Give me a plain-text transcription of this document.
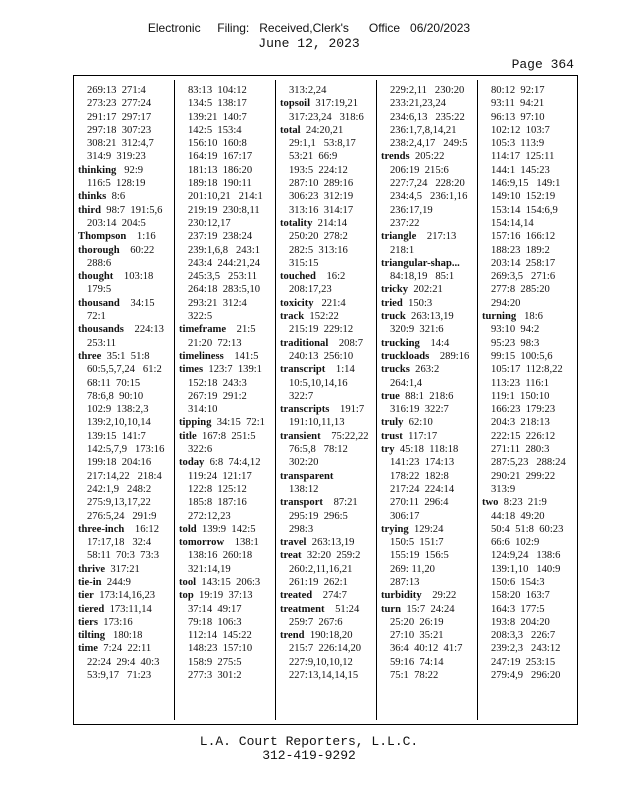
Electronic     Filing:   Received,Clerk's      Office   06/20/2023
June 12, 2023
Page 364
269:13  271:4
273:23  277:24
291:17  297:17
297:18  307:23
308:21  312:4,7
314:9  319:23
thinking   92:9
116:5  128:19
thinks  8:6
third  98:7  191:5,6
203:14  204:5
Thompson    1:16
thorough    60:22
288:6
thought    103:18
179:5
thousand    34:15
72:1
thousands    224:13
253:11
three  35:1  51:8
60:5,5,7,24   61:2
68:11  70:15
78:6,8  90:10
102:9  138:2,3
139:2,10,10,14
139:15  141:7
142:5,7,9   173:16
199:18  204:16
217:14,22   218:4
242:1,9   248:2
275:9,13,17,22
276:5,24   291:9
three-inch    16:12
17:17,18   32:4
58:11  70:3  73:3
thrive  317:21
tie-in  244:9
tier  173:14,16,23
tiered  173:11,14
tiers  173:16
tilting   180:18
time  7:24  22:11
22:24  29:4  40:3
53:9,17   71:23
83:13  104:12
134:5  138:17
139:21  140:7
142:5  153:4
156:10  160:8
164:19  167:17
181:13  186:20
189:18  190:11
201:10,21   214:1
219:19  230:8,11
230:12,17
237:19  238:24
239:1,6,8   243:1
243:4  244:21,24
245:3,5   253:11
264:18  283:5,10
293:21  312:4
322:5
timeframe    21:5
21:20  72:13
timeliness    141:5
times  123:7  139:1
152:18  243:3
267:19  291:2
314:10
tipping  34:15  72:1
title  167:8  251:5
322:6
today  6:8  74:4,12
119:24  121:17
122:8  125:12
185:8  187:16
272:12,23
told  139:9  142:5
tomorrow    138:1
138:16  260:18
321:14,19
tool  143:15  206:3
top  19:19  37:13
37:14  49:17
79:18  106:3
112:14  145:22
148:23  157:10
158:9  275:5
277:3  301:2
313:2,24
topsoil  317:19,21
317:23,24   318:6
total  24:20,21
29:1,1   53:8,17
53:21  66:9
193:5  224:12
287:10  289:16
306:23  312:19
313:16  314:17
totality  214:14
250:20  278:2
282:5  313:16
315:15
touched    16:2
208:17,23
toxicity   221:4
track  152:22
215:19  229:12
traditional    208:7
240:13  256:10
transcript    1:14
10:5,10,14,16
322:7
transcripts    191:7
191:10,11,13
transient    75:22,22
76:5,8   78:12
302:20
transparent
138:12
transport    87:21
295:19  296:5
298:3
travel  263:13,19
treat  32:20  259:2
260:2,11,16,21
261:19  262:1
treated    274:7
treatment    51:24
259:7  267:6
trend  190:18,20
215:7  226:14,20
227:9,10,10,12
227:13,14,14,15
229:2,11   230:20
233:21,23,24
234:6,13   235:22
236:1,7,8,14,21
238:2,4,17   249:5
trends  205:22
206:19  215:6
227:7,24   228:20
234:4,5   236:1,16
236:17,19
237:22
triangle    217:13
218:1
triangular-shap...
84:18,19   85:1
tricky  202:21
tried  150:3
truck  263:13,19
320:9  321:6
trucking    14:4
truckloads    289:16
trucks  263:2
264:1,4
true  88:1  218:6
316:19  322:7
truly  62:10
trust  117:17
try  45:18  118:18
141:23  174:13
178:22  182:8
217:24  224:14
270:11  296:4
306:17
trying  129:24
150:5  151:7
155:19  156:5
269: 11,20
287:13
turbidity    29:22
turn  15:7  24:24
25:20  26:19
27:10  35:21
36:4  40:12  41:7
59:16  74:14
75:1  78:22
80:12  92:17
93:11  94:21
96:13  97:10
102:12  103:7
105:3  113:9
114:17  125:11
144:1  145:23
146:9,15   149:1
149:10  152:19
153:14  154:6,9
154:14,14
157:16  166:12
188:23  189:2
203:14  258:17
269:3,5   271:6
277:8  285:20
294:20
turning   18:6
93:10  94:2
95:23  98:3
99:15  100:5,6
105:17  112:8,22
113:23  116:1
119:1  150:10
166:23  179:23
204:3  218:13
222:15  226:12
271:11  280:3
287:5,23   288:24
290:21  299:22
313:9
two  8:23  21:9
44:18  49:20
50:4  51:8  60:23
66:6  102:9
124:9,24   138:6
139:1,10   140:9
150:6  154:3
158:20  163:7
164:3  177:5
193:8  204:20
208:3,3   226:7
239:2,3   243:12
247:19  253:15
279:4,9   296:20
L.A. Court Reporters, L.L.C.
312-419-9292
